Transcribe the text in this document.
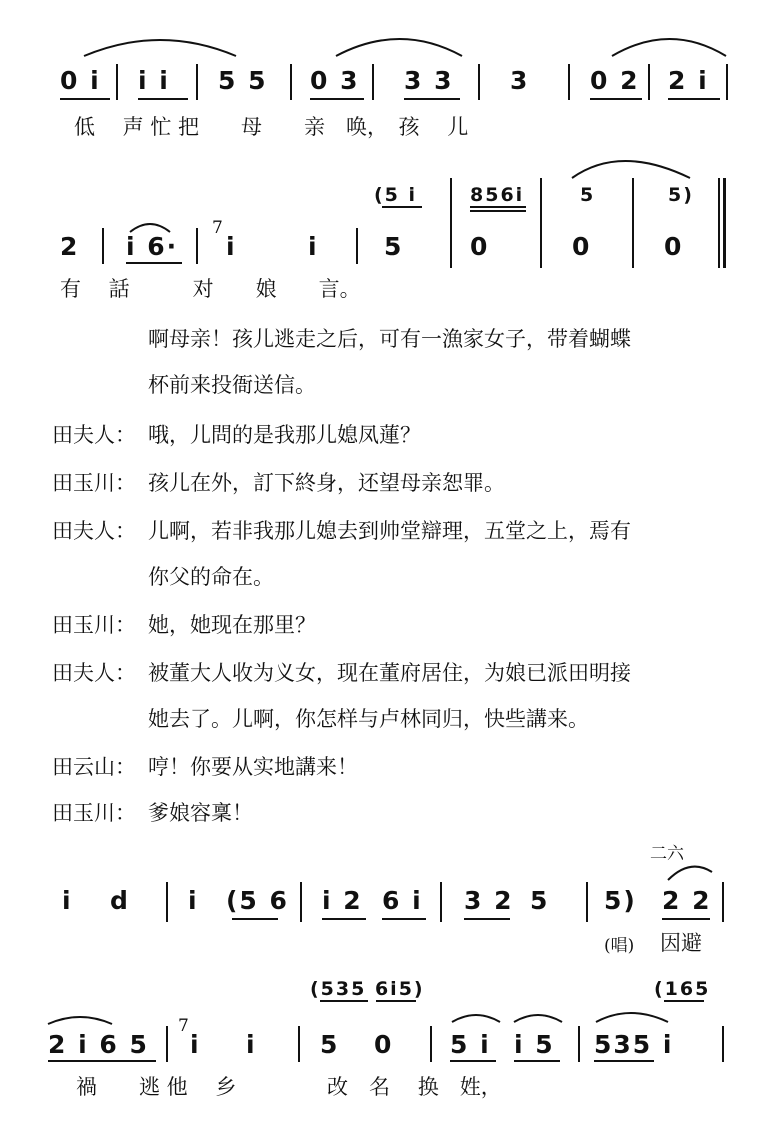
0 i i i 5 5 0 3 3 3 3 0 2 2 i
低　 声 忙 把　　母　　亲　唤，　孩　 儿
(5 i	856i	5	5)
2 i 6·
7
i	i	5	0	0	0
有　 話　　　对　　娘　　言。
啊母亲！孩儿逃走之后，可有一漁家女子，带着蝴蝶
杯前来投衙送信。
田夫人： 哦，儿問的是我那儿媳凤蓮？
田玉川： 孩儿在外，訂下終身，还望母亲恕罪。
田夫人： 儿啊，若非我那儿媳去到帅堂辯理，五堂之上，焉有
你父的命在。
田玉川： 她，她现在那里？
田夫人： 被董大人收为义女，现在董府居住，为娘已派田明接
她去了。儿啊，你怎样与卢林同归，快些講来。
田云山： 哼！你要从实地講来！
田玉川： 爹娘容稟！
二六
i d i (5 6 i 2 6 i 3 2 5 5) 2 2
(唱) 因避
(535 6i5)	(165
2 i 6 5
7
i i	5 0 5 i i 5 535 i
禍　　逃 他　 乡　　　　 改　名　 换　姓，
